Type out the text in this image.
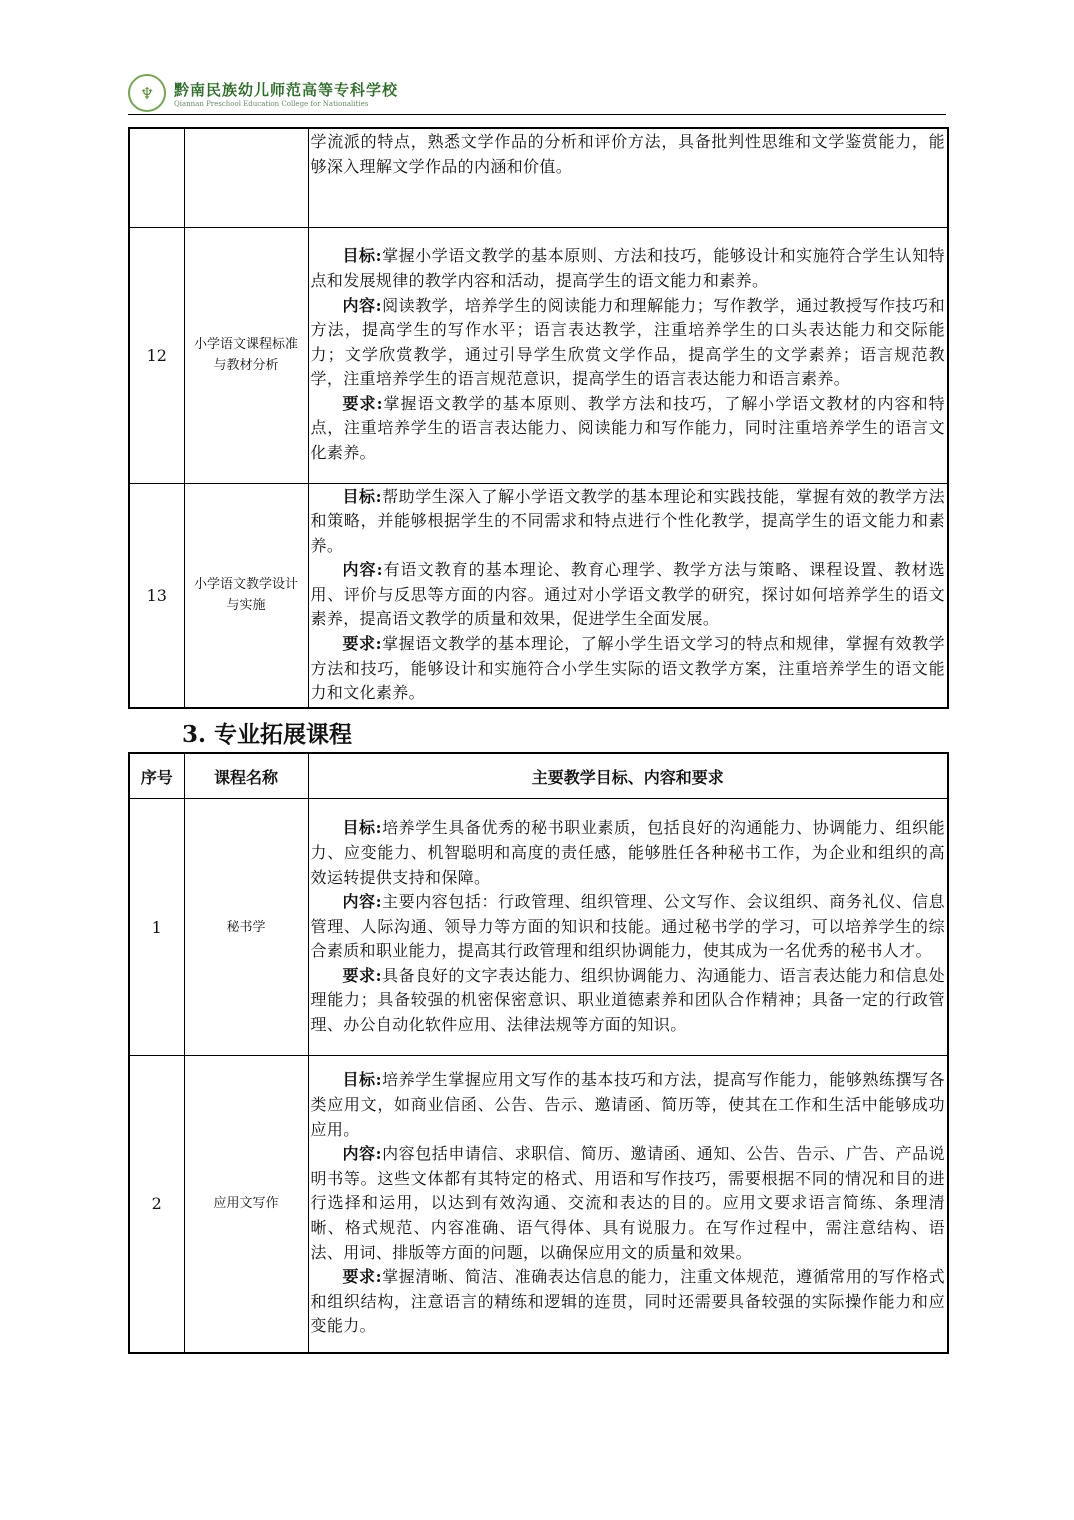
♆	黔南民族幼儿师范高等专科学校
Qiannan Preschool Education College for Nationalities

		学流派的特点，熟悉文学作品的分析和评价方法，具备批判性思维和文学鉴赏能力，能够深入理解文学作品的内涵和价值。

12	小学语文课程标准与教材分析	目标:掌握小学语文教学的基本原则、方法和技巧，能够设计和实施符合学生认知特点和发展规律的教学内容和活动，提高学生的语文能力和素养。

内容:阅读教学，培养学生的阅读能力和理解能力；写作教学，通过教授写作技巧和方法，提高学生的写作水平；语言表达教学，注重培养学生的口头表达能力和交际能力；文学欣赏教学，通过引导学生欣赏文学作品，提高学生的文学素养；语言规范教学，注重培养学生的语言规范意识，提高学生的语言表达能力和语言素养。

要求:掌握语文教学的基本原则、教学方法和技巧，了解小学语文教材的内容和特点，注重培养学生的语言表达能力、阅读能力和写作能力，同时注重培养学生的语言文化素养。

13	小学语文教学设计与实施	目标:帮助学生深入了解小学语文教学的基本理论和实践技能，掌握有效的教学方法和策略，并能够根据学生的不同需求和特点进行个性化教学，提高学生的语文能力和素养。

内容:有语文教育的基本理论、教育心理学、教学方法与策略、课程设置、教材选用、评价与反思等方面的内容。通过对小学语文教学的研究，探讨如何培养学生的语文素养，提高语文教学的质量和效果，促进学生全面发展。

要求:掌握语文教学的基本理论，了解小学生语文学习的特点和规律，掌握有效教学方法和技巧，能够设计和实施符合小学生实际的语文教学方案，注重培养学生的语文能力和文化素养。

3. 专业拓展课程
序号	课程名称	主要教学目标、内容和要求
1	秘书学	目标:培养学生具备优秀的秘书职业素质，包括良好的沟通能力、协调能力、组织能力、应变能力、机智聪明和高度的责任感，能够胜任各种秘书工作，为企业和组织的高效运转提供支持和保障。

内容:主要内容包括：行政管理、组织管理、公文写作、会议组织、商务礼仪、信息管理、人际沟通、领导力等方面的知识和技能。通过秘书学的学习，可以培养学生的综合素质和职业能力，提高其行政管理和组织协调能力，使其成为一名优秀的秘书人才。

要求:具备良好的文字表达能力、组织协调能力、沟通能力、语言表达能力和信息处理能力；具备较强的机密保密意识、职业道德素养和团队合作精神；具备一定的行政管理、办公自动化软件应用、法律法规等方面的知识。

2	应用文写作	目标:培养学生掌握应用文写作的基本技巧和方法，提高写作能力，能够熟练撰写各类应用文，如商业信函、公告、告示、邀请函、简历等，使其在工作和生活中能够成功应用。

内容:内容包括申请信、求职信、简历、邀请函、通知、公告、告示、广告、产品说明书等。这些文体都有其特定的格式、用语和写作技巧，需要根据不同的情况和目的进行选择和运用，以达到有效沟通、交流和表达的目的。应用文要求语言简练、条理清晰、格式规范、内容准确、语气得体、具有说服力。在写作过程中，需注意结构、语法、用词、排版等方面的问题，以确保应用文的质量和效果。

要求:掌握清晰、简洁、准确表达信息的能力，注重文体规范，遵循常用的写作格式和组织结构，注意语言的精练和逻辑的连贯，同时还需要具备较强的实际操作能力和应变能力。
